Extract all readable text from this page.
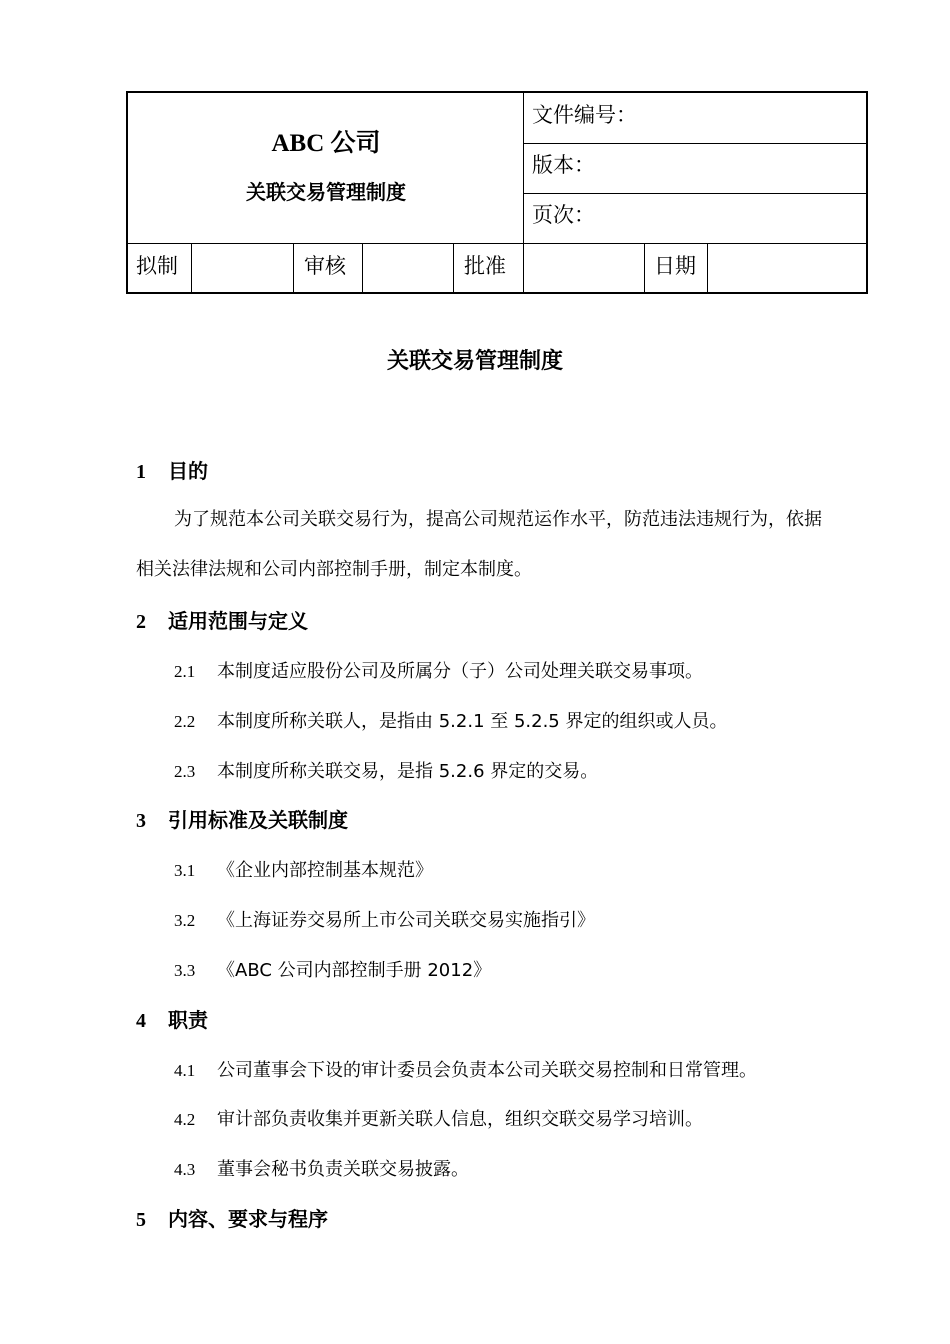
ABC 公司
关联交易管理制度
文件编号：
版本：
页次：
拟制	审核	批准	日期
关联交易管理制度
1 目的
为了规范本公司关联交易行为，提高公司规范运作水平，防范违法违规行为，依据
相关法律法规和公司内部控制手册，制定本制度。
2 适用范围与定义
2.1 本制度适应股份公司及所属分（子）公司处理关联交易事项。
2.2 本制度所称关联人，是指由 5.2.1 至 5.2.5 界定的组织或人员。
2.3 本制度所称关联交易，是指 5.2.6 界定的交易。
3 引用标准及关联制度
3.1 《企业内部控制基本规范》
3.2 《上海证券交易所上市公司关联交易实施指引》
3.3 《ABC 公司内部控制手册 2012》
4 职责
4.1 公司董事会下设的审计委员会负责本公司关联交易控制和日常管理。
4.2 审计部负责收集并更新关联人信息，组织交联交易学习培训。
4.3 董事会秘书负责关联交易披露。
5 内容、要求与程序
